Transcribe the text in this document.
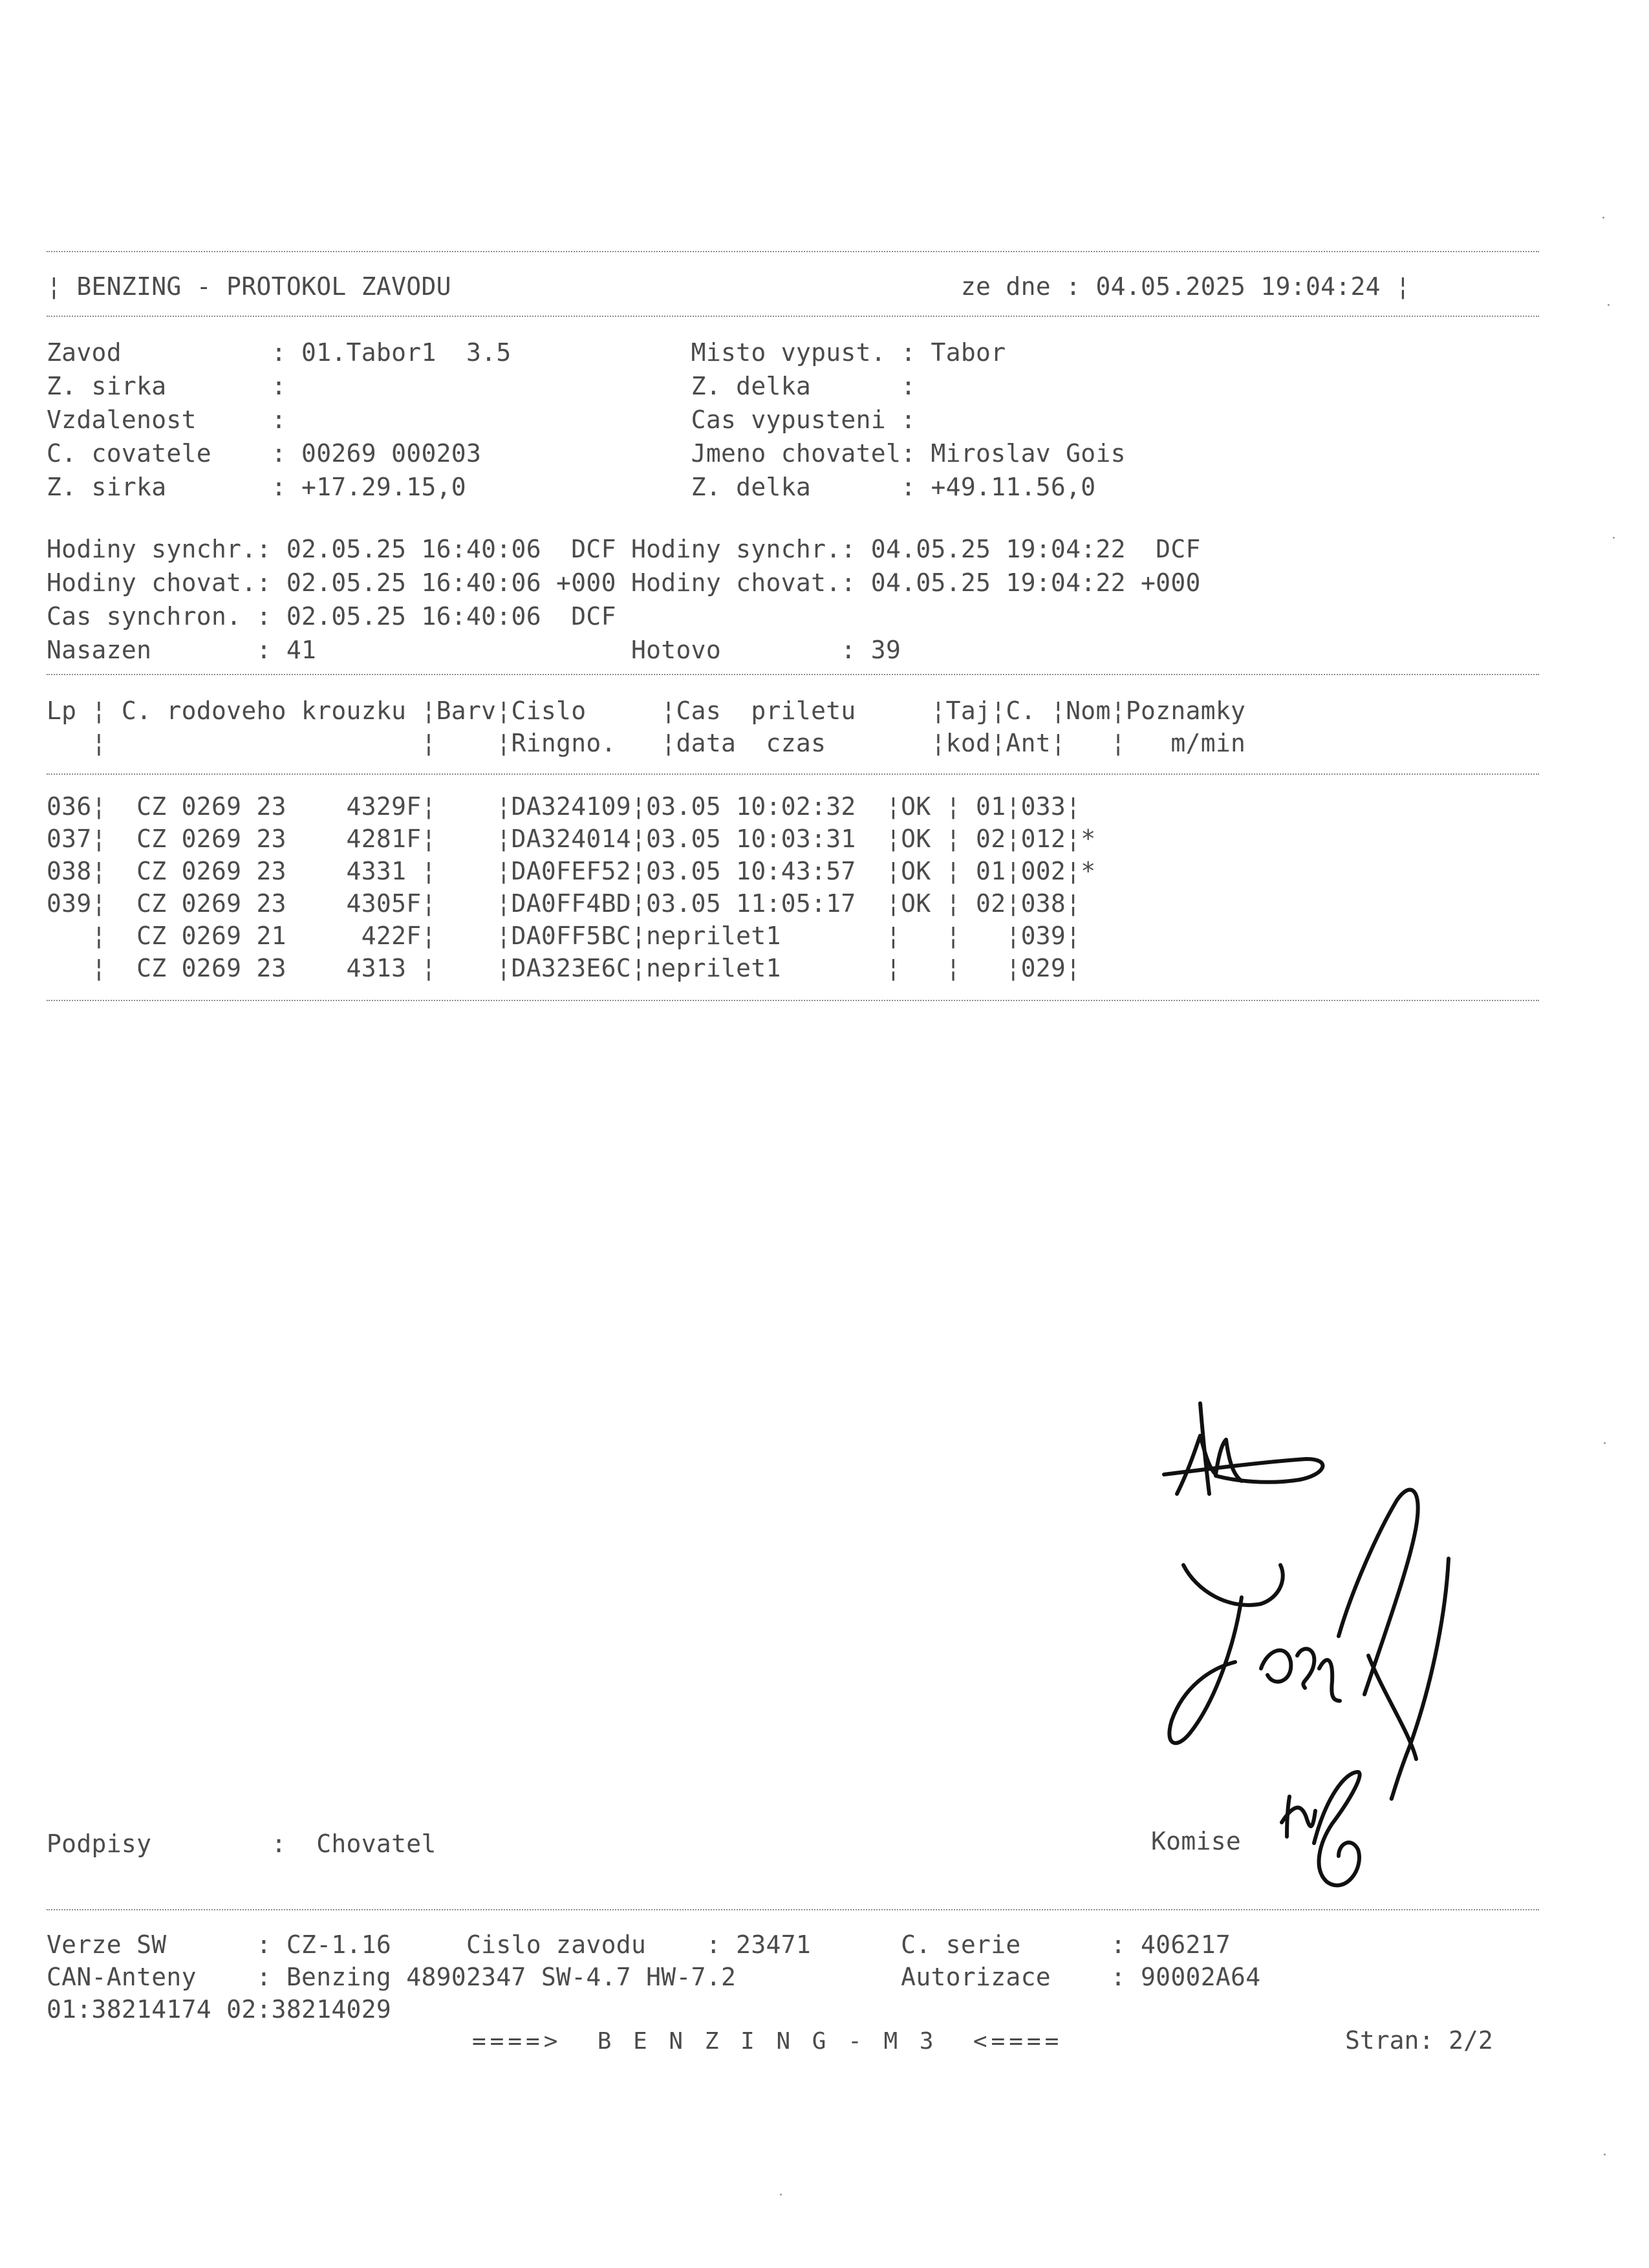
¦ BENZING - PROTOKOL ZAVODU                                  ze dne : 04.05.2025 19:04:24 ¦
Zavod          : 01.Tabor1  3.5            Misto vypust. : Tabor
Z. sirka       :                           Z. delka      :
Vzdalenost     :                           Cas vypusteni :
C. covatele    : 00269 000203              Jmeno chovatel: Miroslav Gois
Z. sirka       : +17.29.15,0               Z. delka      : +49.11.56,0
Hodiny synchr.: 02.05.25 16:40:06  DCF Hodiny synchr.: 04.05.25 19:04:22  DCF
Hodiny chovat.: 02.05.25 16:40:06 +000 Hodiny chovat.: 04.05.25 19:04:22 +000
Cas synchron. : 02.05.25 16:40:06  DCF
Nasazen       : 41                     Hotovo        : 39
Lp ¦ C. rodoveho krouzku ¦Barv¦Cislo     ¦Cas  priletu     ¦Taj¦C. ¦Nom¦Poznamky
¦                     ¦    ¦Ringno.   ¦data  czas       ¦kod¦Ant¦   ¦   m/min
036¦  CZ 0269 23    4329F¦    ¦DA324109¦03.05 10:02:32  ¦OK ¦ 01¦033¦
037¦  CZ 0269 23    4281F¦    ¦DA324014¦03.05 10:03:31  ¦OK ¦ 02¦012¦*
038¦  CZ 0269 23    4331 ¦    ¦DA0FEF52¦03.05 10:43:57  ¦OK ¦ 01¦002¦*
039¦  CZ 0269 23    4305F¦    ¦DA0FF4BD¦03.05 11:05:17  ¦OK ¦ 02¦038¦
¦  CZ 0269 21     422F¦    ¦DA0FF5BC¦neprilet1       ¦   ¦   ¦039¦
¦  CZ 0269 23    4313 ¦    ¦DA323E6C¦neprilet1       ¦   ¦   ¦029¦
Podpisy        :  Chovatel	Komise
Verze SW      : CZ-1.16     Cislo zavodu    : 23471      C. serie      : 406217
CAN-Anteny    : Benzing 48902347 SW-4.7 HW-7.2           Autorizace    : 90002A64
01:38214174 02:38214029
====>  B E N Z I N G - M 3  <====	Stran: 2/2
